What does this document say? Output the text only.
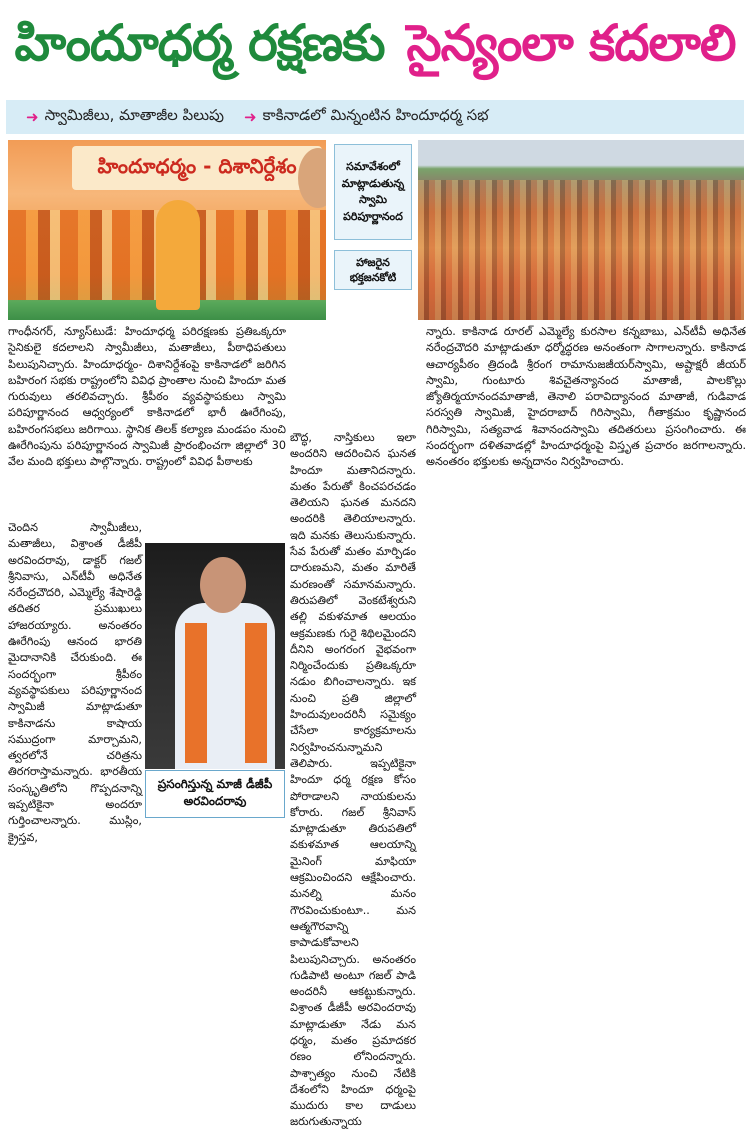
హిందూధర్మ రక్షణకు సైన్యంలా కదలాలి
➜ స్వామిజీలు, మాతాజీల పిలుపు ➜ కాకినాడలో మిన్నంటిన హిందూధర్మ సభ
హిందూధర్మం - దిశానిర్దేశం	సమావేశంలో మాట్లాడుతున్న స్వామి పరిపూర్ణానంద
హాజరైన భక్తజనకోటి

గాంధీనగర్, న్యూస్‌టుడే: హిందూధర్మ పరిరక్షణకు ప్రతిఒక్కరూ సైనికులై కదలాలని స్వామీజీలు, మతాజీలు, పీఠాధిపతులు పిలుపునిచ్చారు. హిందూధర్మం- దిశానిర్దేశంపై కాకినాడలో జరిగిన బహిరంగ సభకు రాష్ట్రంలోని వివిధ ప్రాంతాల నుంచి హిందూ మత గురువులు తరలివచ్చారు. శ్రీపీఠం వ్యవస్థాపకులు స్వామి పరిపూర్ణానంద ఆధ్వర్యంలో కాకినాడలో భారీ ఊరేగింపు, బహిరంగసభలు జరిగాయి. స్థానిక తిలక్ కల్యాణ మండపం నుంచి ఊరేగింపును పరిపూర్ణానంద స్వామిజీ ప్రారంభించగా జిల్లాలో 30 వేల మంది భక్తులు పాల్గొన్నారు. రాష్ట్రంలో వివిధ పీఠాలకు

చెందిన స్వామీజీలు, మతాజీలు, విశ్రాంత డీజీపీ అరవిందరావు, డాక్టర్ గజల్ శ్రీనివాసు, ఎన్‌టీవీ అధినేత నరేంద్రచౌదరి, ఎమ్మెల్యే శేషారెడ్డి తదితర ప్రముఖులు హాజరయ్యారు. అనంతరం ఊరేగింపు ఆనంద భారతి మైదానానికి చేరుకుంది. ఈ సందర్భంగా శ్రీపీఠం వ్యవస్థాపకులు పరిపూర్ణానంద స్వామిజీ మాట్లాడుతూ కాకినాడను కాషాయ సముద్రంగా మార్చామని, త్వరలోనే చరిత్రను తిరగరాస్తామన్నారు. భారతీయ సంస్కృతిలోని గొప్పదనాన్ని ఇప్పటికైనా అందరూ గుర్తించాలన్నారు. ముస్లిం, క్రైస్తవ,

ప్రసంగిస్తున్న మాజీ డీజీపీ
అరవిందరావు

బౌద్ధ, నాస్తికులు ఇలా అందరిని ఆదరించిన ఘనత హిందూ మతానిదన్నారు. మతం పేరుతో కించపరచడం తెలియని ఘనత మనదని అందరికి తెలియాలన్నారు. ఇది మనకు తెలుసుకున్నారు. సేవ పేరుతో మతం మార్పిడం దారుణమని, మతం మారితే మరణంతో సమానమన్నారు. తిరుపతిలో వెంకటేశ్వరుని తల్లి వకుళమాత ఆలయం ఆక్రమణకు గురై శిథిలమైందని దీనిని అంగరంగ వైభవంగా నిర్మించేందుకు ప్రతిఒక్కరూ నడుం బిగించాలన్నారు. ఇక నుంచి ప్రతి జిల్లాలో హిందువులందరినీ సమైక్యం చేసేలా కార్యక్రమాలను నిర్వహించనున్నామని తెలిపారు. ఇప్పటికైనా హిందూ ధర్మ రక్షణ కోసం పోరాడాలని నాయకులను కోరారు. గజల్ శ్రీనివాస్ మాట్లాడుతూ తిరుపతిలో వకుళమాత ఆలయాన్ని మైనింగ్ మాఫియా ఆక్రమించిందని ఆక్షేపించారు. మనల్ని మనం గౌరవించుకుంటూ.. మన ఆత్మగౌరవాన్ని కాపాడుకోవాలని పిలుపునిచ్చారు. అనంతరం గుడిపాటి అంటూ గజల్ పాడి అందరినీ ఆకట్టుకున్నారు. విశ్రాంత డీజీపీ అరవిందరావు మాట్లాడుతూ నేడు మన ధర్మం, మతం ప్రమాదకర రణం లోనిందన్నారు. పాశ్చాత్యం నుంచి నేటికి దేశంలోని హిందూ ధర్మంపై ముదురు కాల దాడులు జరుగుతున్నాయ

న్నారు. కాకినాడ రూరల్ ఎమ్మెల్యే కురసాల కన్నబాబు, ఎన్‌టీవీ అధినేత నరేంద్రచౌదరి మాట్లాడుతూ ధర్మోద్ధరణ అనంతంగా సాగాలన్నారు. కాకినాడ ఆచార్యపీఠం త్రిదండి శ్రీరంగ రామానుజజీయర్‌స్వామి, అష్టాక్షరీ జీయర్ స్వామి, గుంటూరు శివచైతన్యానంద మాతాజీ, పాలకొల్లు జ్యోతిర్మయానందమాతాజీ, తెనాలి పరావిద్యానంద మాతాజీ, గుడివాడ సరస్వతి స్వామిజీ, హైదరాబాద్ గిరిస్వామి, గీతాక్రమం కృష్ణానంద గిరిస్వామి, సత్యవాడ శివానందస్వామి తదితరులు ప్రసంగించారు. ఈ సందర్భంగా దళితవాడల్లో హిందూధర్మంపై విస్తృత ప్రచారం జరగాలన్నారు. అనంతరం భక్తులకు అన్నదానం నిర్వహించారు.
